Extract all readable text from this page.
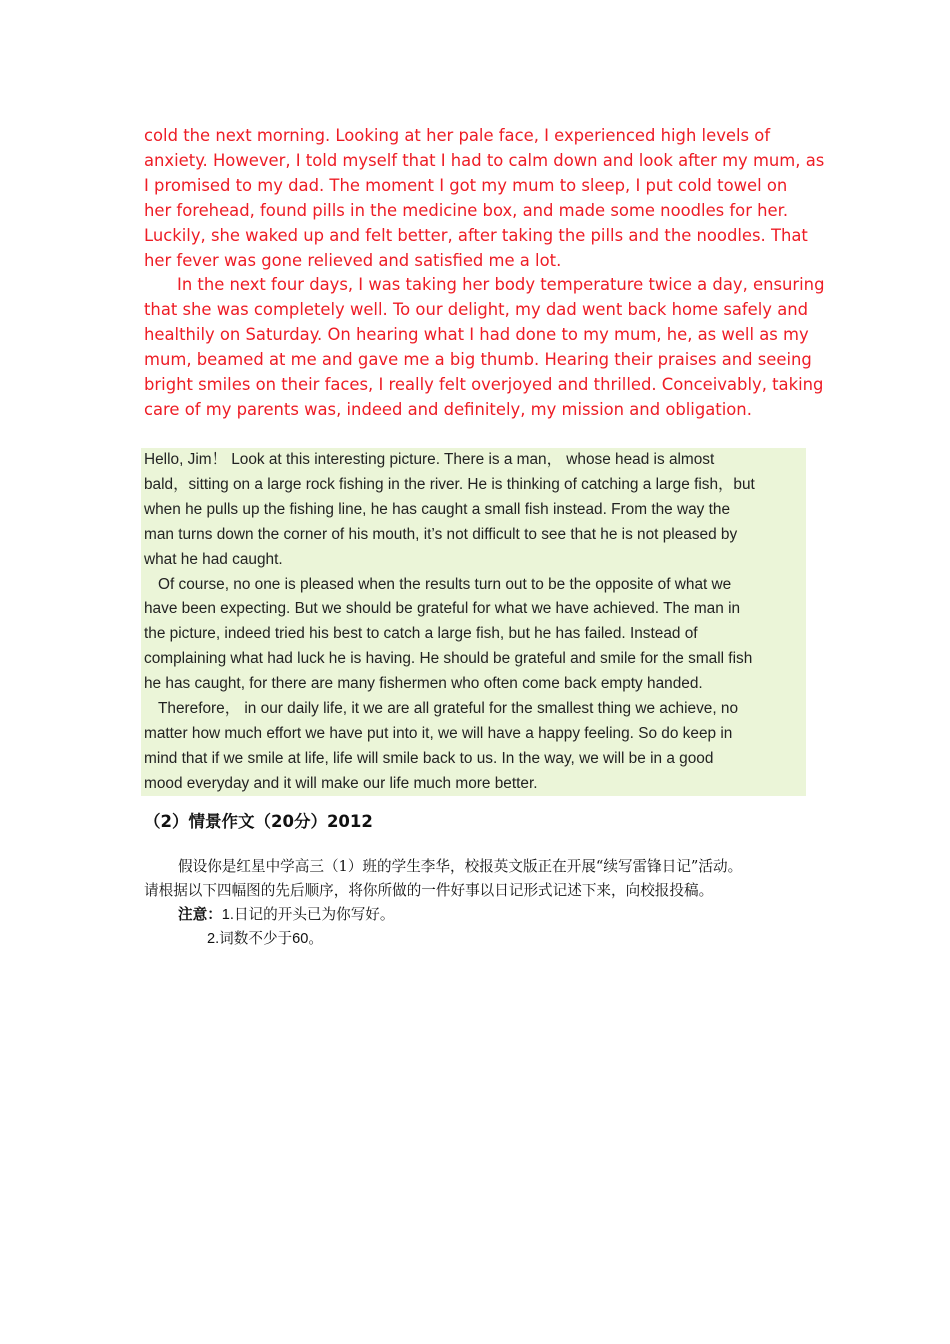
cold the next morning. Looking at her pale face, I experienced high levels of

anxiety. However, I told myself that I had to calm down and look after my mum, as

I promised to my dad. The moment I got my mum to sleep, I put cold towel on

her forehead, found pills in the medicine box, and made some noodles for her.

Luckily, she waked up and felt better, after taking the pills and the noodles. That

her fever was gone relieved and satisfied me a lot.

In the next four days, I was taking her body temperature twice a day, ensuring

that she was completely well. To our delight, my dad went back home safely and

healthily on Saturday. On hearing what I had done to my mum, he, as well as my

mum, beamed at me and gave me a big thumb. Hearing their praises and seeing

bright smiles on their faces, I really felt overjoyed and thrilled. Conceivably, taking

care of my parents was, indeed and definitely, my mission and obligation.

Hello, Jim！ Look at this interesting picture. There is a man， whose head is almost

bald，sitting on a large rock fishing in the river. He is thinking of catching a large fish，but

when he pulls up the fishing line, he has caught a small fish instead. From the way the

man turns down the corner of his mouth, it’s not difficult to see that he is not pleased by

what he had caught.

Of course, no one is pleased when the results turn out to be the opposite of what we

have been expecting. But we should be grateful for what we have achieved. The man in

the picture, indeed tried his best to catch a large fish, but he has failed. Instead of

complaining what had luck he is having. He should be grateful and smile for the small fish

he has caught, for there are many fishermen who often come back empty handed.

Therefore， in our daily life, it we are all grateful for the smallest thing we achieve, no

matter how much effort we have put into it, we will have a happy feeling. So do keep in

mind that if we smile at life, life will smile back to us. In the way, we will be in a good

mood everyday and it will make our life much more better.

（2）情景作文（20分）2012

假设你是红星中学高三（1）班的学生李华，校报英文版正在开展“续写雷锋日记”活动。

请根据以下四幅图的先后顺序，将你所做的一件好事以日记形式记述下来，向校报投稿。

注意：1.日记的开头已为你写好。

2.词数不少于60。
